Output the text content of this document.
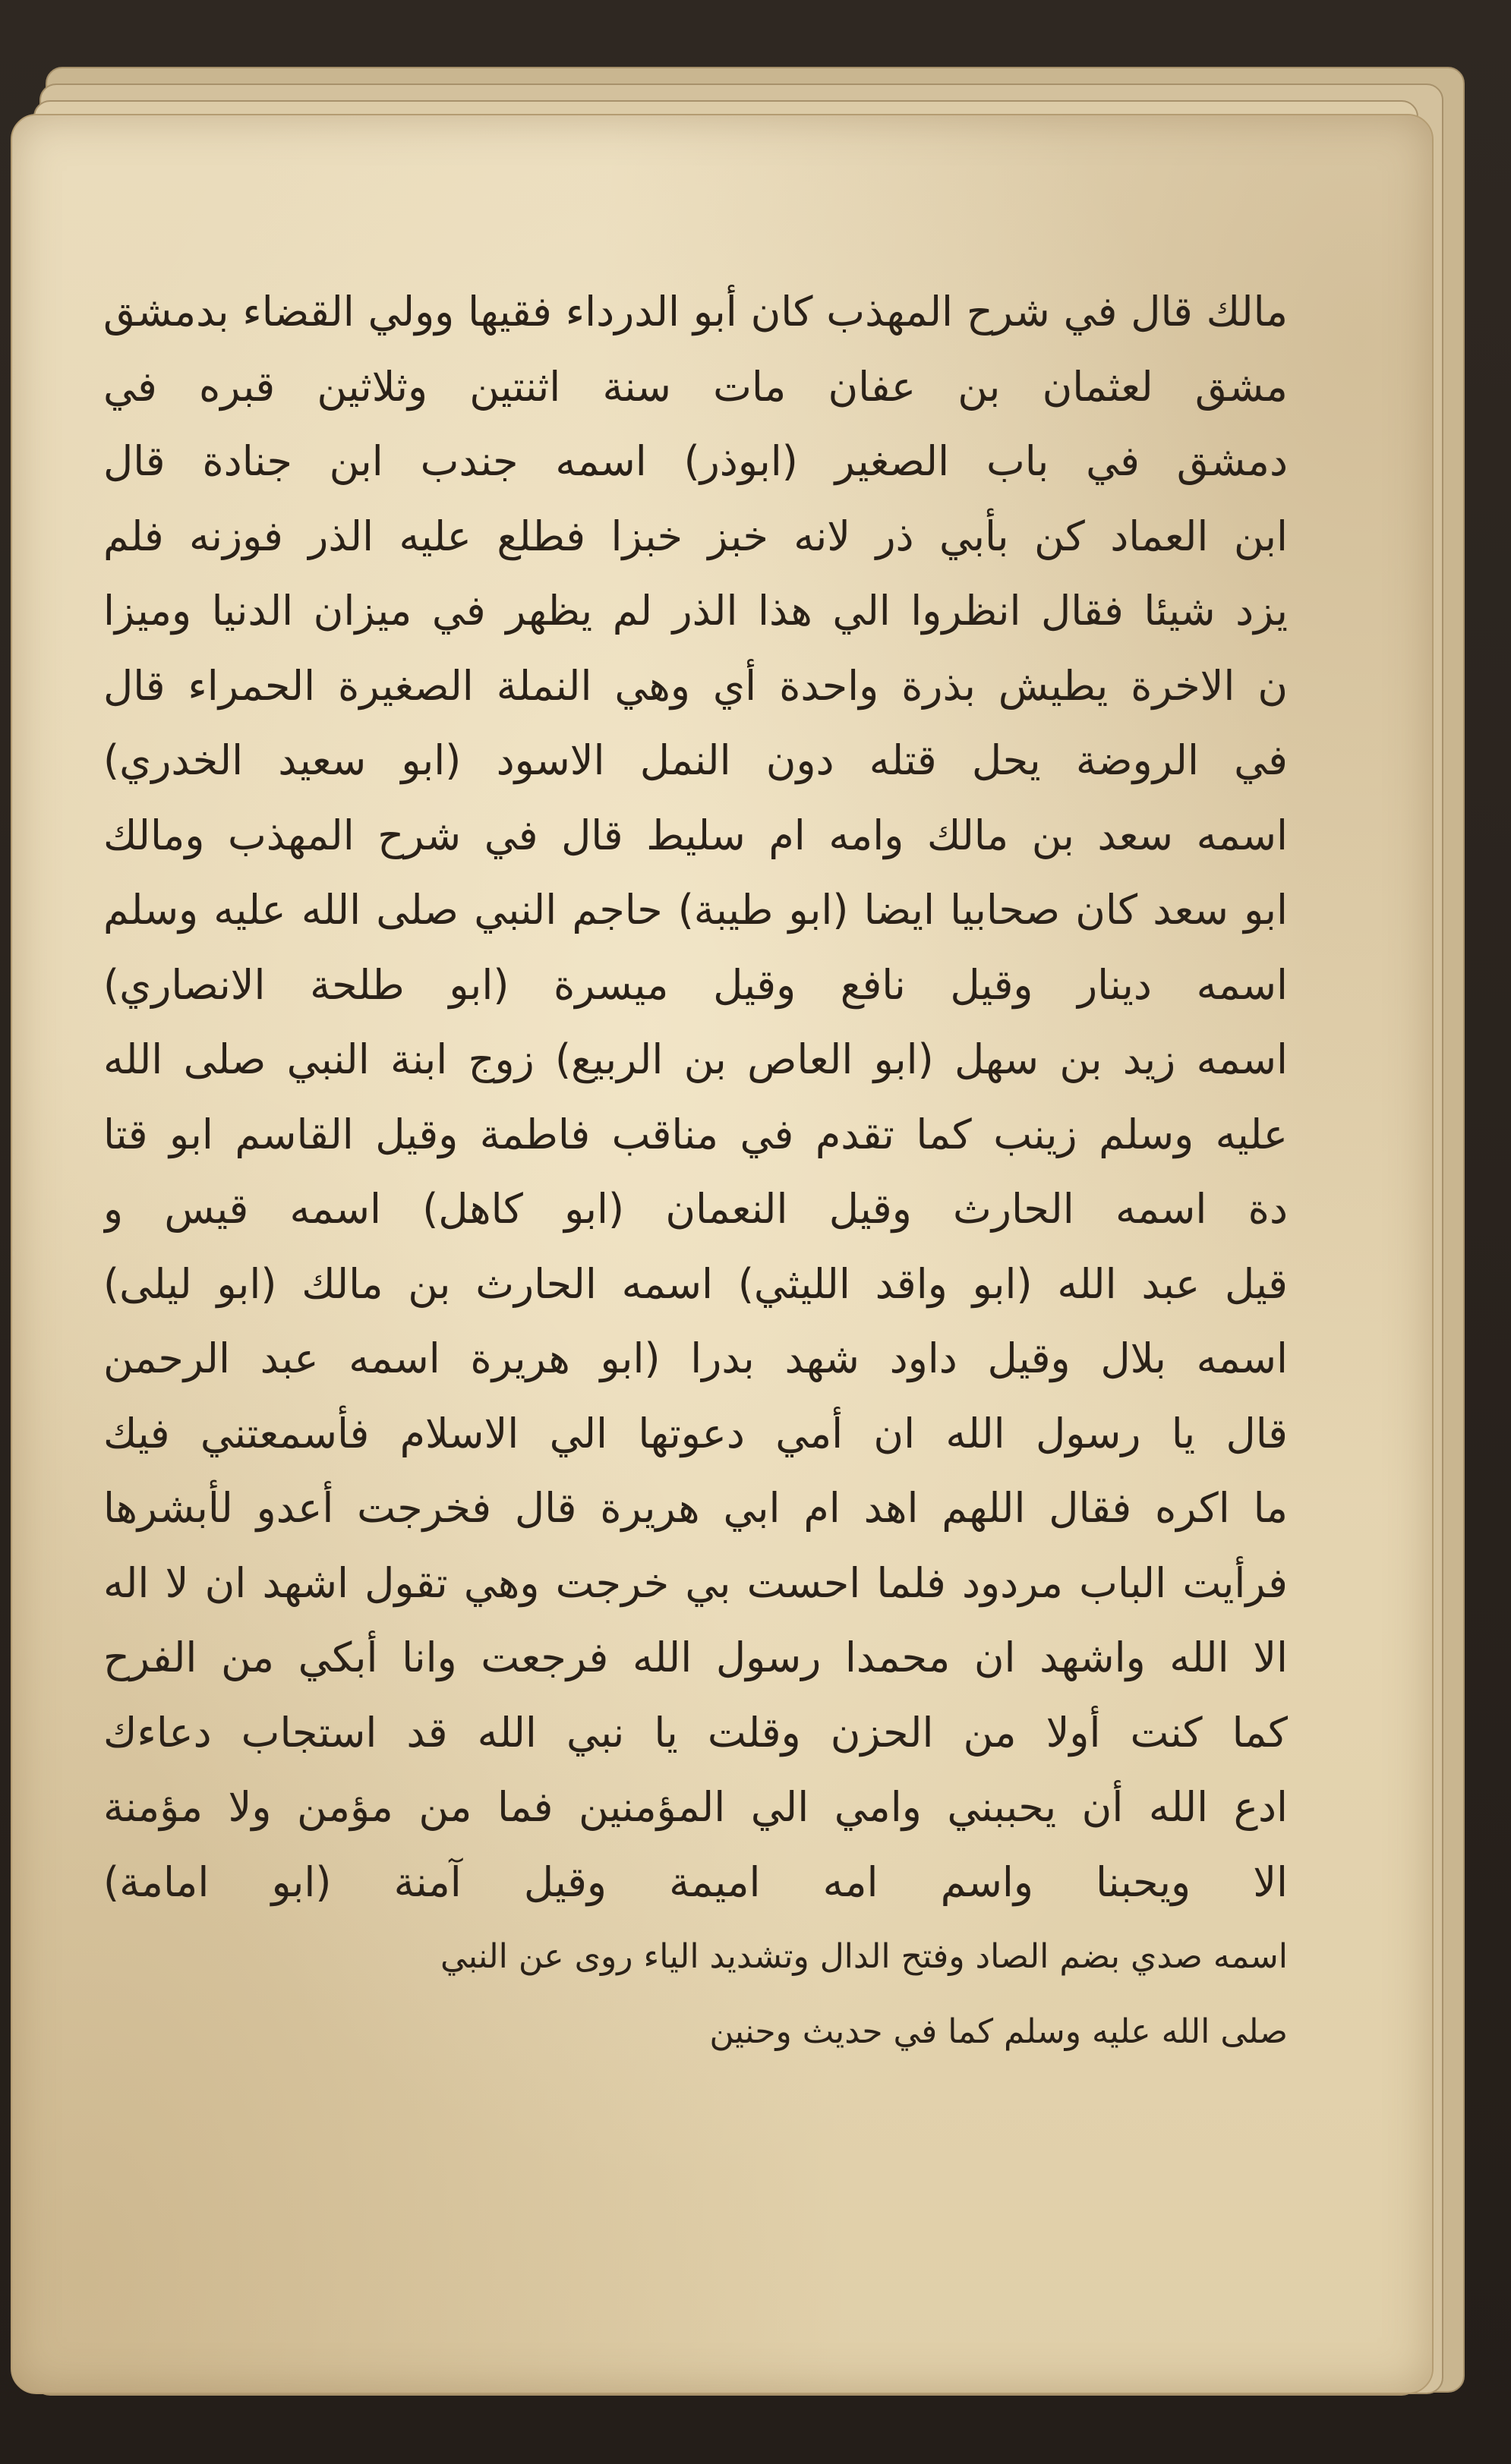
مالك قال في شرح المهذب كان أبو الدرداء فقيها وولي القضاء بدمشق
مشق لعثمان بن عفان مات سنة اثنتين وثلاثين قبره في
دمشق في باب الصغير (ابوذر) اسمه جندب ابن جنادة قال
ابن العماد كن بأبي ذر لانه خبز خبزا فطلع عليه الذر فوزنه فلم
يزد شيئا فقال انظروا الي هذا الذر لم يظهر في ميزان الدنيا وميزا
ن الاخرة يطيش بذرة واحدة أي وهي النملة الصغيرة الحمراء قال
في الروضة يحل قتله دون النمل الاسود (ابو سعيد الخدري)
اسمه سعد بن مالك وامه ام سليط قال في شرح المهذب ومالك
ابو سعد كان صحابيا ايضا (ابو طيبة) حاجم النبي صلى الله عليه وسلم
اسمه دينار وقيل نافع وقيل ميسرة (ابو طلحة الانصاري)
اسمه زيد بن سهل (ابو العاص بن الربيع) زوج ابنة النبي صلى الله
عليه وسلم زينب كما تقدم في مناقب فاطمة وقيل القاسم ابو قتا
دة اسمه الحارث وقيل النعمان (ابو كاهل) اسمه قيس و
قيل عبد الله (ابو واقد الليثي) اسمه الحارث بن مالك (ابو ليلى)
اسمه بلال وقيل داود شهد بدرا (ابو هريرة اسمه عبد الرحمن
قال يا رسول الله ان أمي دعوتها الي الاسلام فأسمعتني فيك
ما اكره فقال اللهم اهد ام ابي هريرة قال فخرجت أعدو لأبشرها
فرأيت الباب مردود فلما احست بي خرجت وهي تقول اشهد ان لا اله
الا الله واشهد ان محمدا رسول الله فرجعت وانا أبكي من الفرح
كما كنت أولا من الحزن وقلت يا نبي الله قد استجاب دعاءك
ادع الله أن يحببني وامي الي المؤمنين فما من مؤمن ولا مؤمنة
الا ويحبنا واسم امه اميمة وقيل آمنة (ابو امامة)
اسمه صدي بضم الصاد وفتح الدال وتشديد الياء روى عن النبي
صلى الله عليه وسلم كما في حديث وحنين
